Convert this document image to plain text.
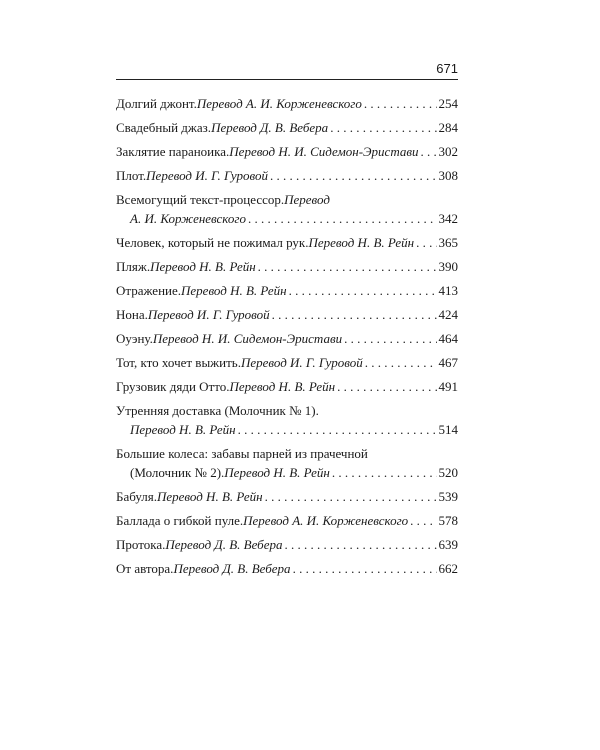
671
Долгий джонт. Перевод А. И. Корженевского . . .	254
Свадебный джаз. Перевод Д. В. Вебера . . .	284
Заклятие параноика. Перевод Н. И. Сидемон-Эристави . . . 302
Плот. Перевод И. Г. Гуровой . . .	308
Всемогущий текст-процессор. Перевод
А. И. Корженевского . . .	342
Человек, который не пожимал рук. Перевод Н. В. Рейн . . . 365
Пляж. Перевод Н. В. Рейн . . .	390
Отражение. Перевод Н. В. Рейн . . .	413
Нона. Перевод И. Г. Гуровой . . .	424
Оуэну. Перевод Н. И. Сидемон-Эристави . . .	464
Тот, кто хочет выжить. Перевод И. Г. Гуровой . . .	467
Грузовик дяди Отто. Перевод Н. В. Рейн . . .	491
Утренняя доставка (Молочник № 1).
Перевод Н. В. Рейн . . .	514
Большие колеса: забавы парней из прачечной
(Молочник № 2). Перевод Н. В. Рейн . . .	520
Бабуля. Перевод Н. В. Рейн . . .	539
Баллада о гибкой пуле. Перевод А. И. Корженевского . . . 578
Протока. Перевод Д. В. Вебера . . .	639
От автора. Перевод Д. В. Вебера . . .	662
